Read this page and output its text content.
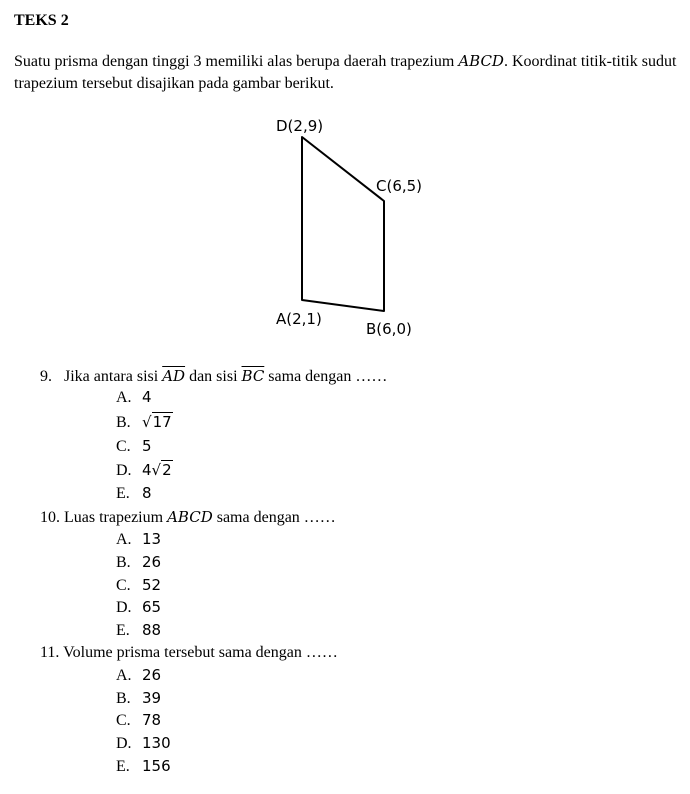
TEKS 2
Suatu prisma dengan tinggi 3 memiliki alas berupa daerah trapezium ABCD. Koordinat titik-titik sudut trapezium tersebut disajikan pada gambar berikut.
D(2,9)
C(6,5)
A(2,1)
B(6,0)
9. Jika antara sisi $\overline{AD}$ dan sisi $\overline{BC}$ sama dengan ……
A. 4
B. √17
C. 5
D. 4√2
E. 8
10. Luas trapezium ABCD sama dengan ……
A. 13
B. 26
C. 52
D. 65
E. 88
11. Volume prisma tersebut sama dengan ……
A. 26
B. 39
C. 78
D. 130
E. 156
